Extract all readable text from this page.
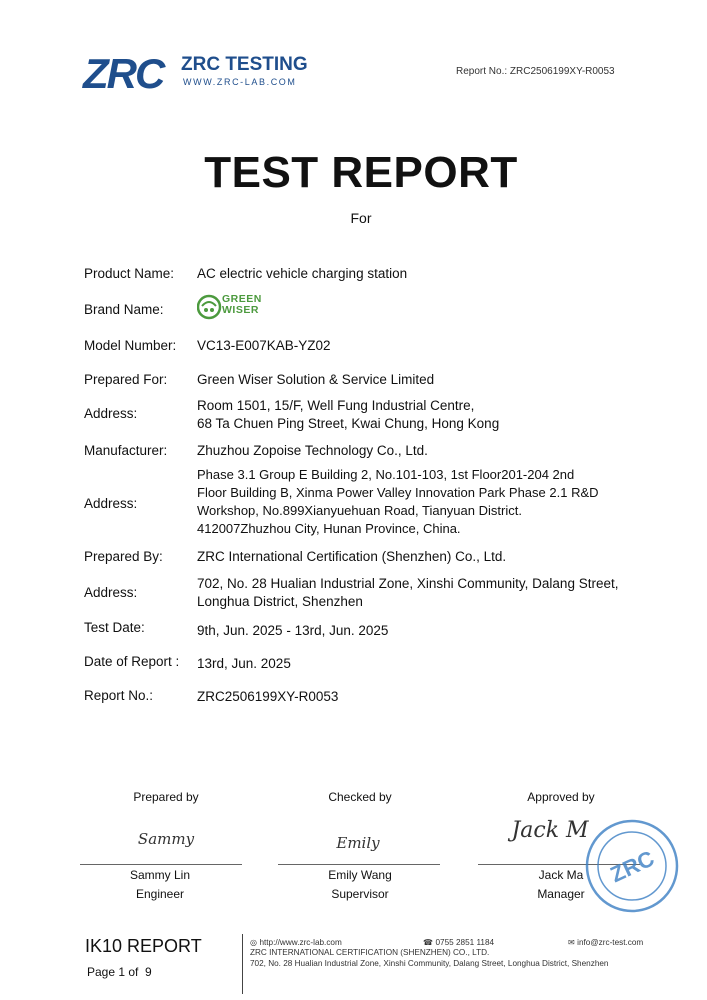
ZRC ZRC TESTING
WWW.ZRC-LAB.COM
Report No.: ZRC2506199XY-R0053
TEST REPORT
For
Product Name: AC electric vehicle charging station
Brand Name:
GREEN
WISER
Model Number: VC13-E007KAB-YZ02
Prepared For: Green Wiser Solution & Service Limited
Address:
Room 1501, 15/F, Well Fung Industrial Centre,
68 Ta Chuen Ping Street, Kwai Chung, Hong Kong
Manufacturer: Zhuzhou Zopoise Technology Co., Ltd.
Address:
Phase 3.1 Group E Building 2, No.101-103, 1st Floor201-204 2nd
Floor Building B, Xinma Power Valley Innovation Park Phase 2.1 R&D
Workshop, No.899Xianyuehuan Road, Tianyuan District.
412007Zhuzhou City, Hunan Province, China.
Prepared By:	ZRC International Certification (Shenzhen) Co., Ltd.
Address:
702, No. 28 Hualian Industrial Zone, Xinshi Community, Dalang Street,
Longhua District, Shenzhen
Test Date:	9th, Jun. 2025 - 13rd, Jun. 2025
Date of Report : 13rd, Jun. 2025
Report No.:	ZRC2506199XY-R0053
Prepared by
Sammy
Sammy Lin
Engineer
Checked by
Emily
Emily Wang
Supervisor
Approved by
Jack M
Jack Ma
Manager
ZRC
IK10 REPORT
Page 1 of 9
◎ http://www.zrc-lab.com	☎ 0755 2851 1184	✉ info@zrc-test.com
ZRC INTERNATIONAL CERTIFICATION (SHENZHEN) CO., LTD.
702, No. 28 Hualian Industrial Zone, Xinshi Community, Dalang Street, Longhua District, Shenzhen
